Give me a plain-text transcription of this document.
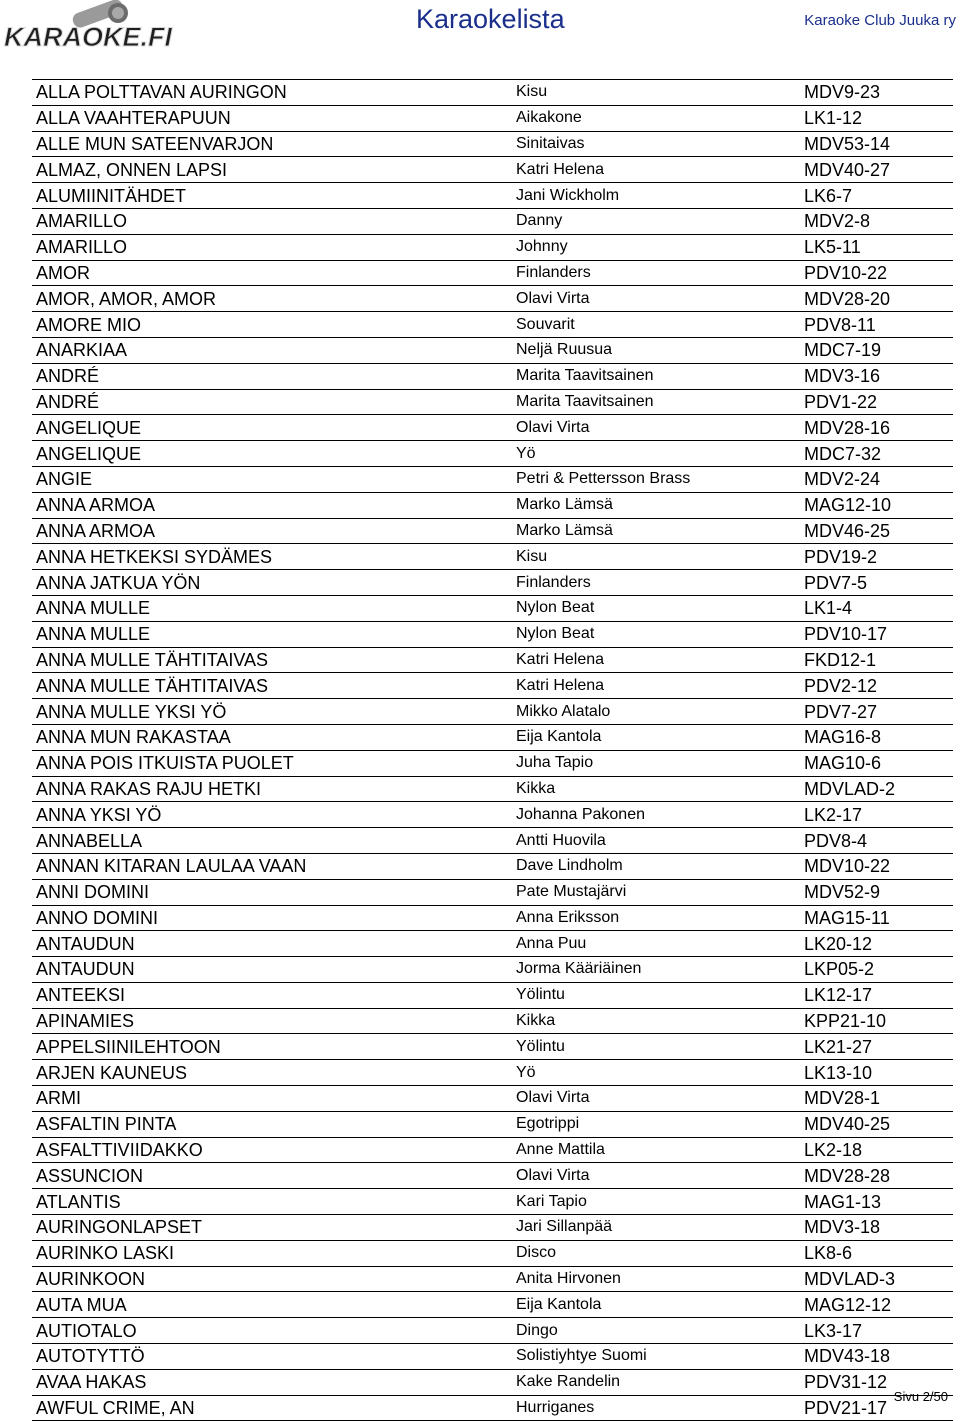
KARAOKE.FI
Karaokelista	Karaoke Club Juuka ry
ALLA POLTTAVAN AURINGON	Kisu	MDV9-23
ALLA VAAHTERAPUUN	Aikakone	LK1-12
ALLE MUN SATEENVARJON	Sinitaivas	MDV53-14
ALMAZ, ONNEN LAPSI	Katri Helena	MDV40-27
ALUMIINITÄHDET	Jani Wickholm	LK6-7
AMARILLO	Danny	MDV2-8
AMARILLO	Johnny	LK5-11
AMOR	Finlanders	PDV10-22
AMOR, AMOR, AMOR	Olavi Virta	MDV28-20
AMORE MIO	Souvarit	PDV8-11
ANARKIAA	Neljä Ruusua	MDC7-19
ANDRÉ	Marita Taavitsainen	MDV3-16
ANDRÉ	Marita Taavitsainen	PDV1-22
ANGELIQUE	Olavi Virta	MDV28-16
ANGELIQUE	Yö	MDC7-32
ANGIE	Petri & Pettersson Brass	MDV2-24
ANNA ARMOA	Marko Lämsä	MAG12-10
ANNA ARMOA	Marko Lämsä	MDV46-25
ANNA HETKEKSI SYDÄMES	Kisu	PDV19-2
ANNA JATKUA YÖN	Finlanders	PDV7-5
ANNA MULLE	Nylon Beat	LK1-4
ANNA MULLE	Nylon Beat	PDV10-17
ANNA MULLE TÄHTITAIVAS	Katri Helena	FKD12-1
ANNA MULLE TÄHTITAIVAS	Katri Helena	PDV2-12
ANNA MULLE YKSI YÖ	Mikko Alatalo	PDV7-27
ANNA MUN RAKASTAA	Eija Kantola	MAG16-8
ANNA POIS ITKUISTA PUOLET	Juha Tapio	MAG10-6
ANNA RAKAS RAJU HETKI	Kikka	MDVLAD-2
ANNA YKSI YÖ	Johanna Pakonen	LK2-17
ANNABELLA	Antti Huovila	PDV8-4
ANNAN KITARAN LAULAA VAAN	Dave Lindholm	MDV10-22
ANNI DOMINI	Pate Mustajärvi	MDV52-9
ANNO DOMINI	Anna Eriksson	MAG15-11
ANTAUDUN	Anna Puu	LK20-12
ANTAUDUN	Jorma Kääriäinen	LKP05-2
ANTEEKSI	Yölintu	LK12-17
APINAMIES	Kikka	KPP21-10
APPELSIINILEHTOON	Yölintu	LK21-27
ARJEN KAUNEUS	Yö	LK13-10
ARMI	Olavi Virta	MDV28-1
ASFALTIN PINTA	Egotrippi	MDV40-25
ASFALTTIVIIDAKKO	Anne Mattila	LK2-18
ASSUNCION	Olavi Virta	MDV28-28
ATLANTIS	Kari Tapio	MAG1-13
AURINGONLAPSET	Jari Sillanpää	MDV3-18
AURINKO LASKI	Disco	LK8-6
AURINKOON	Anita Hirvonen	MDVLAD-3
AUTA MUA	Eija Kantola	MAG12-12
AUTIOTALO	Dingo	LK3-17
AUTOTYTTÖ	Solistiyhtye Suomi	MDV43-18
AVAA HAKAS	Kake Randelin	PDV31-12
AWFUL CRIME, AN	Hurriganes	PDV21-17
Sivu 2/50
